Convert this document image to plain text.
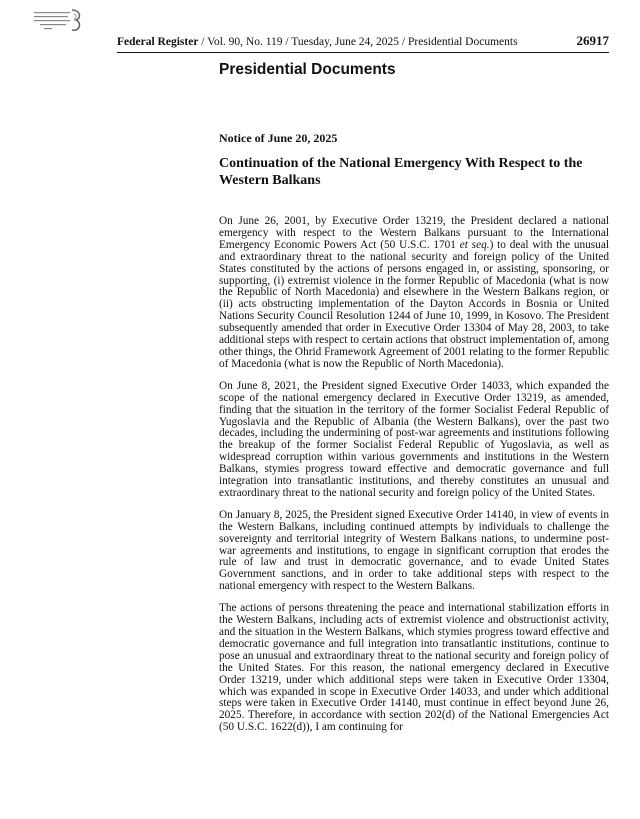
Federal Register / Vol. 90, No. 119 / Tuesday, June 24, 2025 / Presidential Documents	26917
Presidential Documents
Notice of June 20, 2025
Continuation of the National Emergency With Respect to the Western Balkans

On June 26, 2001, by Executive Order 13219, the President declared a national emergency with respect to the Western Balkans pursuant to the International Emergency Economic Powers Act (50 U.S.C. 1701 et seq.) to deal with the unusual and extraordinary threat to the national security and foreign policy of the United States constituted by the actions of persons engaged in, or assisting, sponsoring, or supporting, (i) extremist violence in the former Republic of Macedonia (what is now the Republic of North Macedonia) and elsewhere in the Western Balkans region, or (ii) acts obstructing implementation of the Dayton Accords in Bosnia or United Nations Security Council Resolution 1244 of June 10, 1999, in Kosovo. The President subsequently amended that order in Executive Order 13304 of May 28, 2003, to take additional steps with respect to certain actions that obstruct implementation of, among other things, the Ohrid Framework Agreement of 2001 relating to the former Republic of Macedonia (what is now the Republic of North Macedonia).

On June 8, 2021, the President signed Executive Order 14033, which expanded the scope of the national emergency declared in Executive Order 13219, as amended, finding that the situation in the territory of the former Socialist Federal Republic of Yugoslavia and the Republic of Albania (the Western Balkans), over the past two decades, including the undermining of post-war agreements and institutions following the breakup of the former Socialist Federal Republic of Yugoslavia, as well as widespread corruption within various governments and institutions in the Western Balkans, stymies progress toward effective and democratic governance and full integration into transatlantic institutions, and thereby constitutes an unusual and extraordinary threat to the national security and foreign policy of the United States.

On January 8, 2025, the President signed Executive Order 14140, in view of events in the Western Balkans, including continued attempts by individuals to challenge the sovereignty and territorial integrity of Western Balkans nations, to undermine post-war agreements and institutions, to engage in significant corruption that erodes the rule of law and trust in democratic governance, and to evade United States Government sanctions, and in order to take additional steps with respect to the national emergency with respect to the Western Balkans.

The actions of persons threatening the peace and international stabilization efforts in the Western Balkans, including acts of extremist violence and obstructionist activity, and the situation in the Western Balkans, which stymies progress toward effective and democratic governance and full integration into transatlantic institutions, continue to pose an unusual and extraordinary threat to the national security and foreign policy of the United States. For this reason, the national emergency declared in Executive Order 13219, under which additional steps were taken in Executive Order 13304, which was expanded in scope in Executive Order 14033, and under which additional steps were taken in Executive Order 14140, must continue in effect beyond June 26, 2025. Therefore, in accordance with section 202(d) of the National Emergencies Act (50 U.S.C. 1622(d)), I am continuing for
